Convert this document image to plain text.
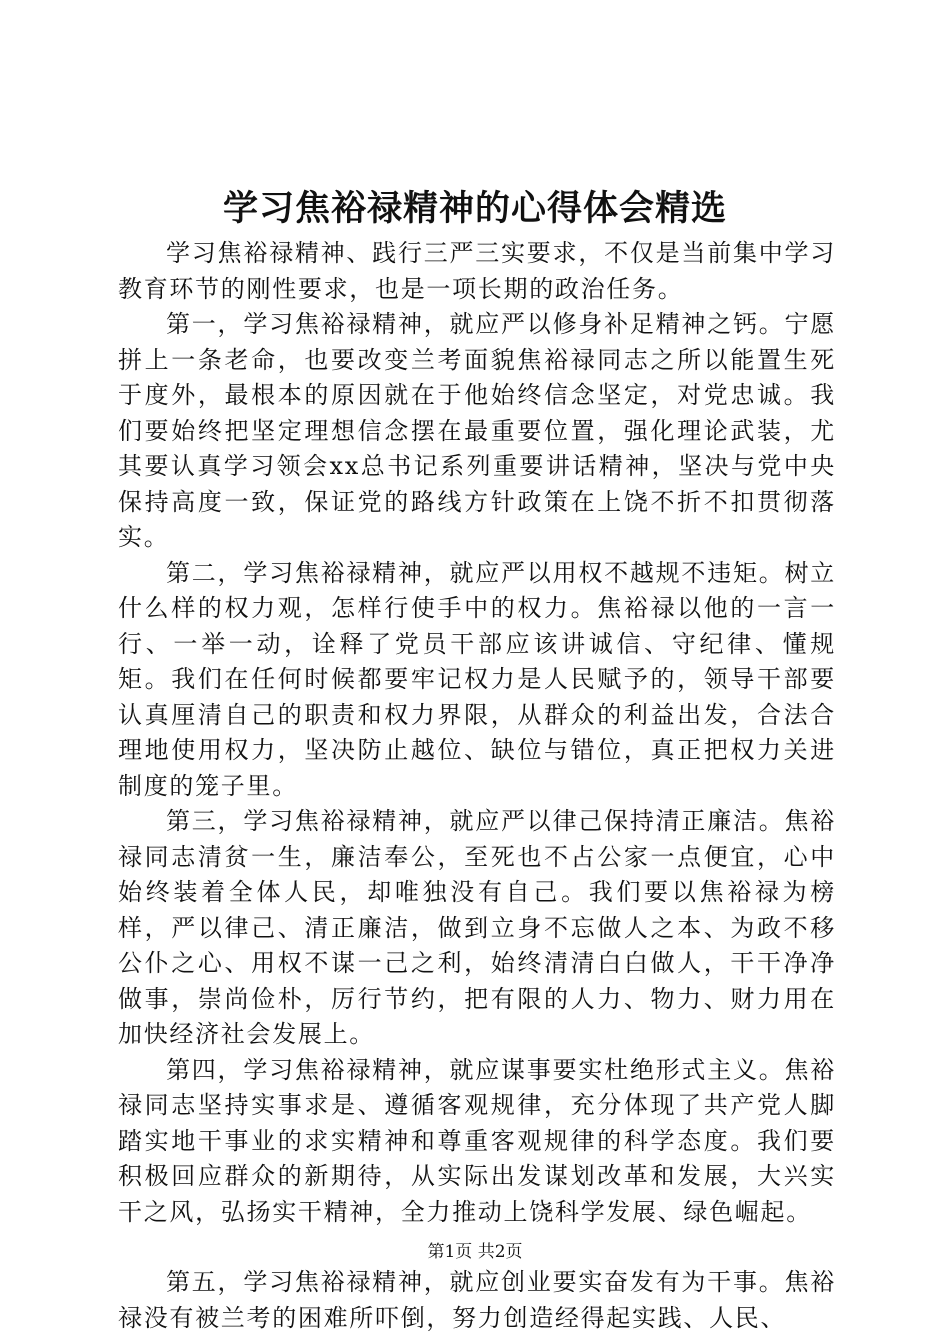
学习焦裕禄精神的心得体会精选

学习焦裕禄精神、践行三严三实要求，不仅是当前集中学习教育环节的刚性要求，也是一项长期的政治任务。

第一，学习焦裕禄精神，就应严以修身补足精神之钙。宁愿拼上一条老命，也要改变兰考面貌焦裕禄同志之所以能置生死于度外，最根本的原因就在于他始终信念坚定，对党忠诚。我们要始终把坚定理想信念摆在最重要位置，强化理论武装，尤其要认真学习领会xx总书记系列重要讲话精神，坚决与党中央保持高度一致，保证党的路线方针政策在上饶不折不扣贯彻落实。

第二，学习焦裕禄精神，就应严以用权不越规不违矩。树立什么样的权力观，怎样行使手中的权力。焦裕禄以他的一言一行、一举一动，诠释了党员干部应该讲诚信、守纪律、懂规矩。我们在任何时候都要牢记权力是人民赋予的，领导干部要认真厘清自己的职责和权力界限，从群众的利益出发，合法合理地使用权力，坚决防止越位、缺位与错位，真正把权力关进制度的笼子里。

第三，学习焦裕禄精神，就应严以律己保持清正廉洁。焦裕禄同志清贫一生，廉洁奉公，至死也不占公家一点便宜，心中始终装着全体人民，却唯独没有自己。我们要以焦裕禄为榜样，严以律己、清正廉洁，做到立身不忘做人之本、为政不移公仆之心、用权不谋一己之利，始终清清白白做人，干干净净做事，崇尚俭朴，厉行节约，把有限的人力、物力、财力用在加快经济社会发展上。

第四，学习焦裕禄精神，就应谋事要实杜绝形式主义。焦裕禄同志坚持实事求是、遵循客观规律，充分体现了共产党人脚踏实地干事业的求实精神和尊重客观规律的科学态度。我们要积极回应群众的新期待，从实际出发谋划改革和发展，大兴实干之风，弘扬实干精神，全力推动上饶科学发展、绿色崛起。

第五，学习焦裕禄精神，就应创业要实奋发有为干事。焦裕禄没有被兰考的困难所吓倒，努力创造经得起实践、人民、

第1页 共2页
